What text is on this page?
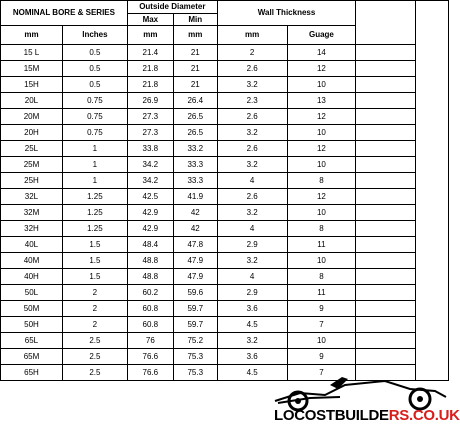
NOMINAL BORE & SERIES		Outside Diameter		Wall Thickness			
		Max	Min				
mm	Inches	mm	mm	mm	Guage		
15 L	0.5	21.4	21	2	14		
15M	0.5	21.8	21	2.6	12		
15H	0.5	21.8	21	3.2	10		
20L	0.75	26.9	26.4	2.3	13		
20M	0.75	27.3	26.5	2.6	12		
20H	0.75	27.3	26.5	3.2	10		
25L	1	33.8	33.2	2.6	12		
25M	1	34.2	33.3	3.2	10		
25H	1	34.2	33.3	4	8		
32L	1.25	42.5	41.9	2.6	12		
32M	1.25	42.9	42	3.2	10		
32H	1.25	42.9	42	4	8		
40L	1.5	48.4	47.8	2.9	11		
40M	1.5	48.8	47.9	3.2	10		
40H	1.5	48.8	47.9	4	8		
50L	2	60.2	59.6	2.9	11		
50M	2	60.8	59.7	3.6	9		
50H	2	60.8	59.7	4.5	7		
65L	2.5	76	75.2	3.2	10		
65M	2.5	76.6	75.3	3.6	9		
65H	2.5	76.6	75.3	4.5	7		
LOCOSTBUILDERS.CO.UK
